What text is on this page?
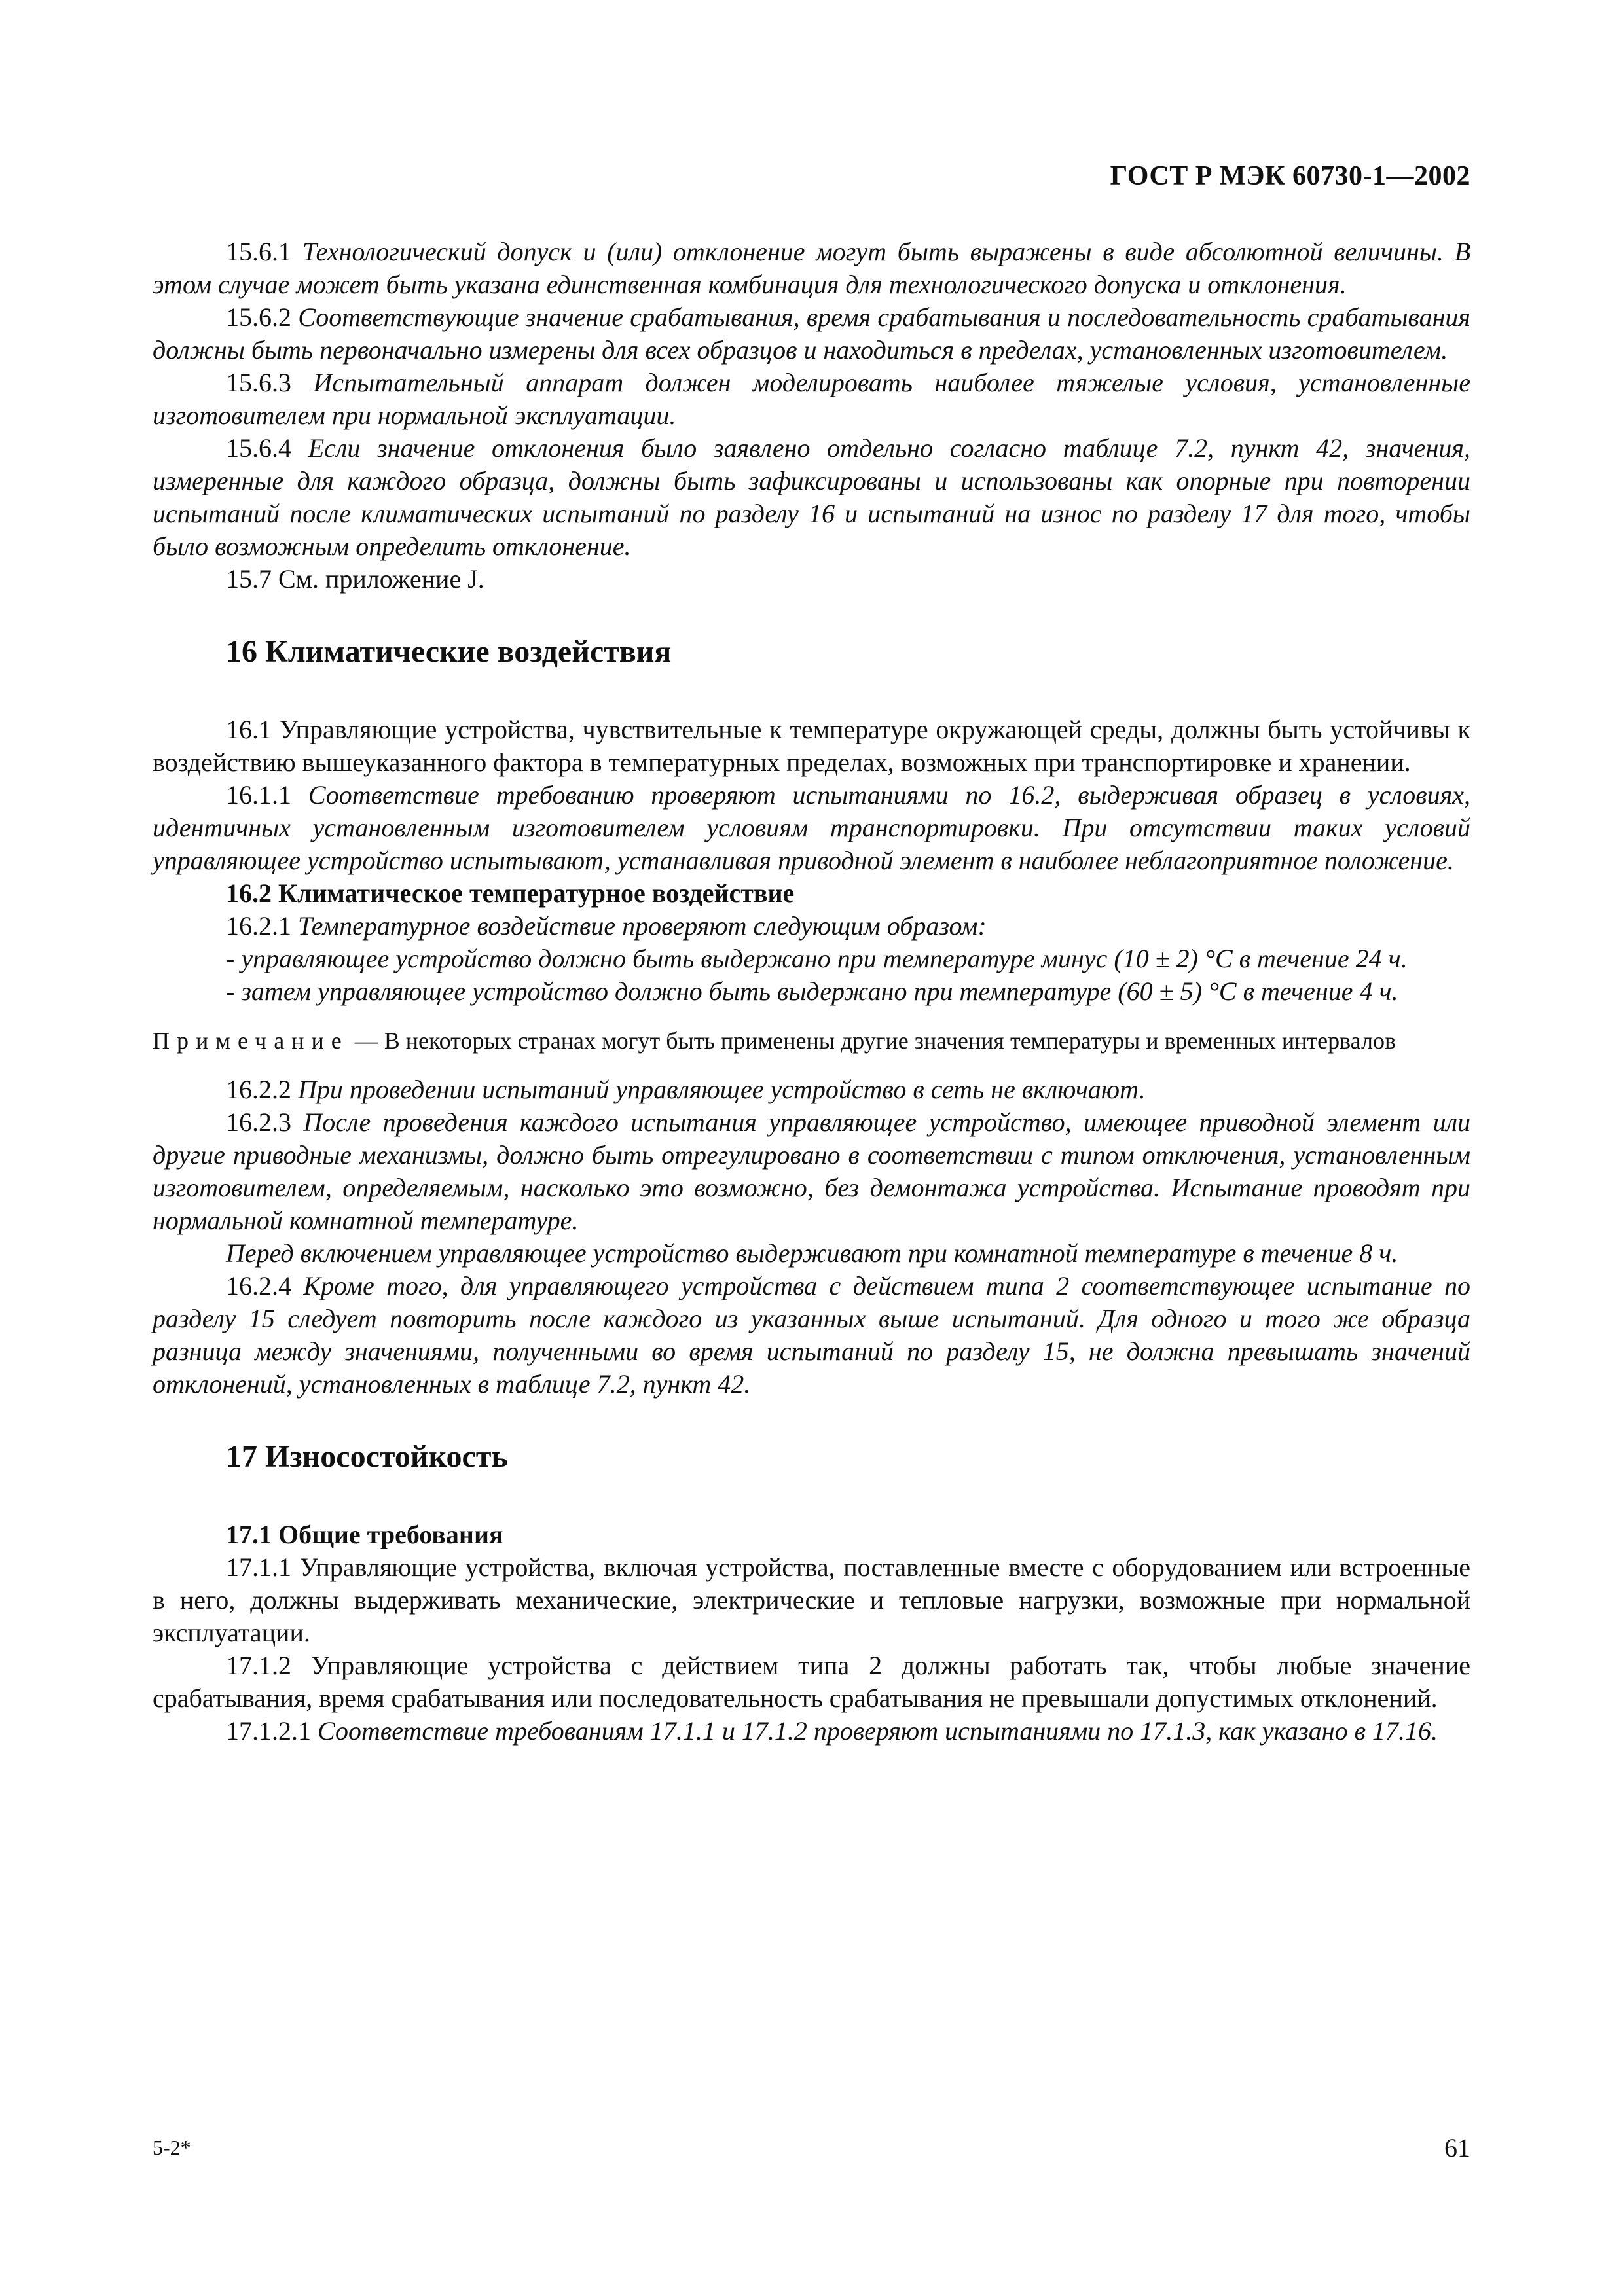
ГОСТ Р МЭК 60730-1—2002

15.6.1 Технологический допуск и (или) отклонение могут быть выражены в виде абсолютной величины. В этом случае может быть указана единственная комбинация для технологического допуска и отклонения.

15.6.2 Соответствующие значение срабатывания, время срабатывания и последовательность срабатывания должны быть первоначально измерены для всех образцов и находиться в пределах, установленных изготовителем.

15.6.3 Испытательный аппарат должен моделировать наиболее тяжелые условия, установленные изготовителем при нормальной эксплуатации.

15.6.4 Если значение отклонения было заявлено отдельно согласно таблице 7.2, пункт 42, значения, измеренные для каждого образца, должны быть зафиксированы и использованы как опорные при повторении испытаний после климатических испытаний по разделу 16 и испытаний на износ по разделу 17 для того, чтобы было возможным определить отклонение.

15.7 См. приложение J.

16 Климатические воздействия

16.1 Управляющие устройства, чувствительные к температуре окружающей среды, должны быть устойчивы к воздействию вышеуказанного фактора в температурных пределах, возможных при транспортировке и хранении.

16.1.1 Соответствие требованию проверяют испытаниями по 16.2, выдерживая образец в условиях, идентичных установленным изготовителем условиям транспортировки. При отсутствии таких условий управляющее устройство испытывают, устанавливая приводной элемент в наиболее неблагоприятное положение.

16.2 Климатическое температурное воздействие

16.2.1 Температурное воздействие проверяют следующим образом:

- управляющее устройство должно быть выдержано при температуре минус (10 ± 2) °С в течение 24 ч.

- затем управляющее устройство должно быть выдержано при температуре (60 ± 5) °С в течение 4 ч.

Примечание — В некоторых странах могут быть применены другие значения температуры и временных интервалов

16.2.2 При проведении испытаний управляющее устройство в сеть не включают.

16.2.3 После проведения каждого испытания управляющее устройство, имеющее приводной элемент или другие приводные механизмы, должно быть отрегулировано в соответствии с типом отключения, установленным изготовителем, определяемым, насколько это возможно, без демонтажа устройства. Испытание проводят при нормальной комнатной температуре.

Перед включением управляющее устройство выдерживают при комнатной температуре в течение 8 ч.

16.2.4 Кроме того, для управляющего устройства с действием типа 2 соответствующее испытание по разделу 15 следует повторить после каждого из указанных выше испытаний. Для одного и того же образца разница между значениями, полученными во время испытаний по разделу 15, не должна превышать значений отклонений, установленных в таблице 7.2, пункт 42.

17 Износостойкость
17.1 Общие требования

17.1.1 Управляющие устройства, включая устройства, поставленные вместе с оборудованием или встроенные в него, должны выдерживать механические, электрические и тепловые нагрузки, возможные при нормальной эксплуатации.

17.1.2 Управляющие устройства с действием типа 2 должны работать так, чтобы любые значение срабатывания, время срабатывания или последовательность срабатывания не превышали допустимых отклонений.

17.1.2.1 Соответствие требованиям 17.1.1 и 17.1.2 проверяют испытаниями по 17.1.3, как указано в 17.16.

5-2*	61
